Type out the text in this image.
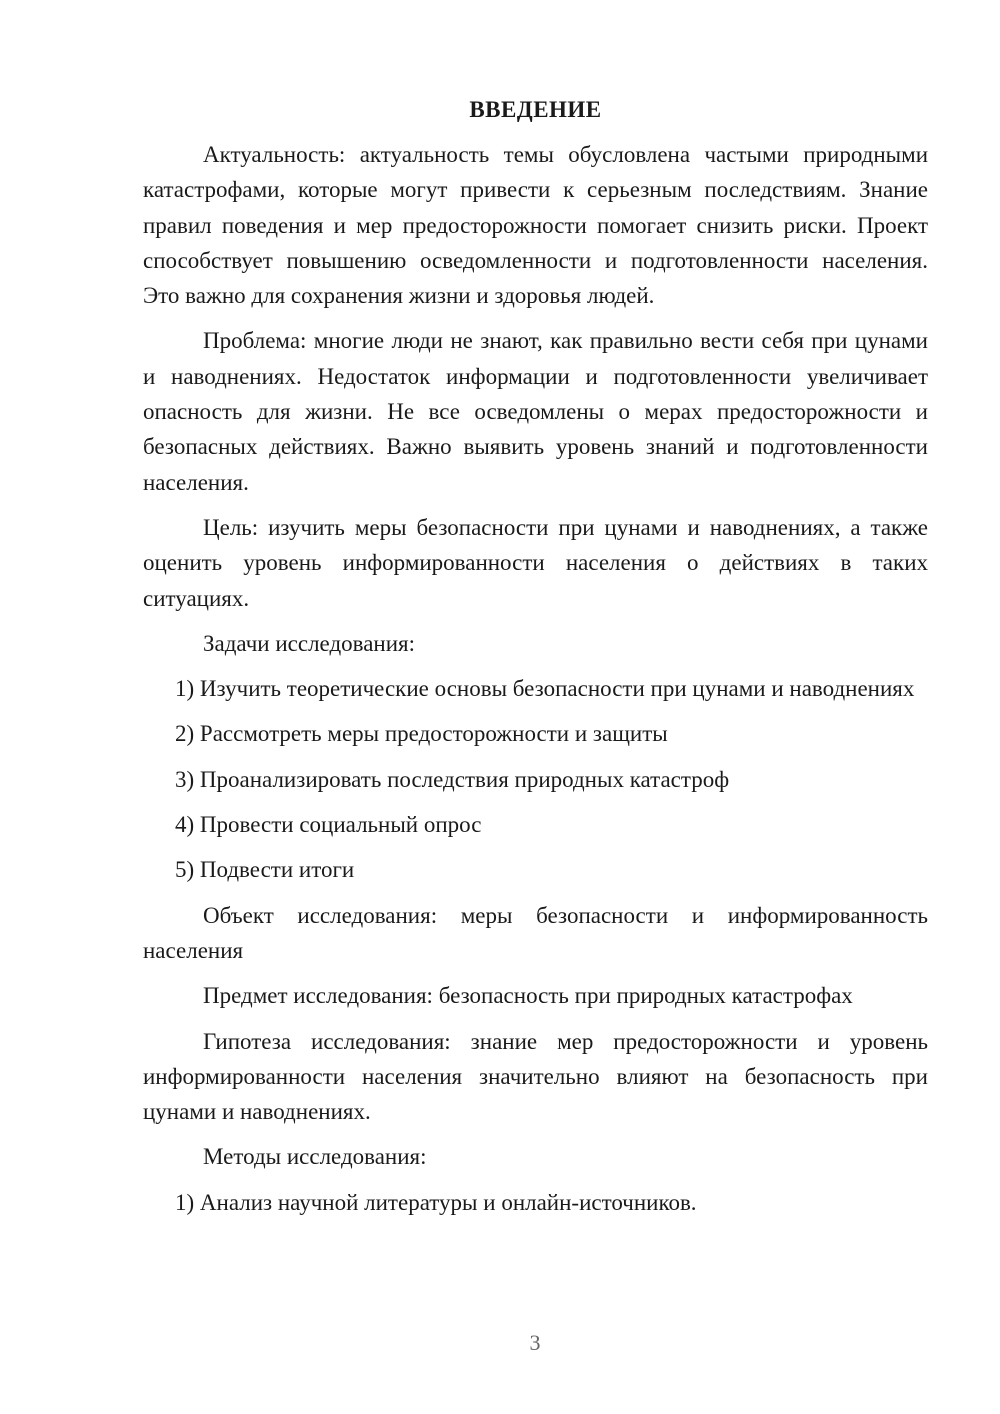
ВВЕДЕНИЕ

Актуальность: актуальность темы обусловлена частыми природными катастрофами, которые могут привести к серьезным последствиям. Знание правил поведения и мер предосторожности помогает снизить риски. Проект способствует повышению осведомленности и подготовленности населения. Это важно для сохранения жизни и здоровья людей.

Проблема: многие люди не знают, как правильно вести себя при цунами и наводнениях. Недостаток информации и подготовленности увеличивает опасность для жизни. Не все осведомлены о мерах предосторожности и безопасных действиях. Важно выявить уровень знаний и подготовленности населения.

Цель: изучить меры безопасности при цунами и наводнениях, а также оценить уровень информированности населения о действиях в таких ситуациях.

Задачи исследования:

1) Изучить теоретические основы безопасности при цунами и наводнениях

2) Рассмотреть меры предосторожности и защиты

3) Проанализировать последствия природных катастроф

4) Провести социальный опрос

5) Подвести итоги

Объект исследования: меры безопасности и информированность населения

Предмет исследования: безопасность при природных катастрофах

Гипотеза исследования: знание мер предосторожности и уровень информированности населения значительно влияют на безопасность при цунами и наводнениях.

Методы исследования:

1) Анализ научной литературы и онлайн-источников.

3
